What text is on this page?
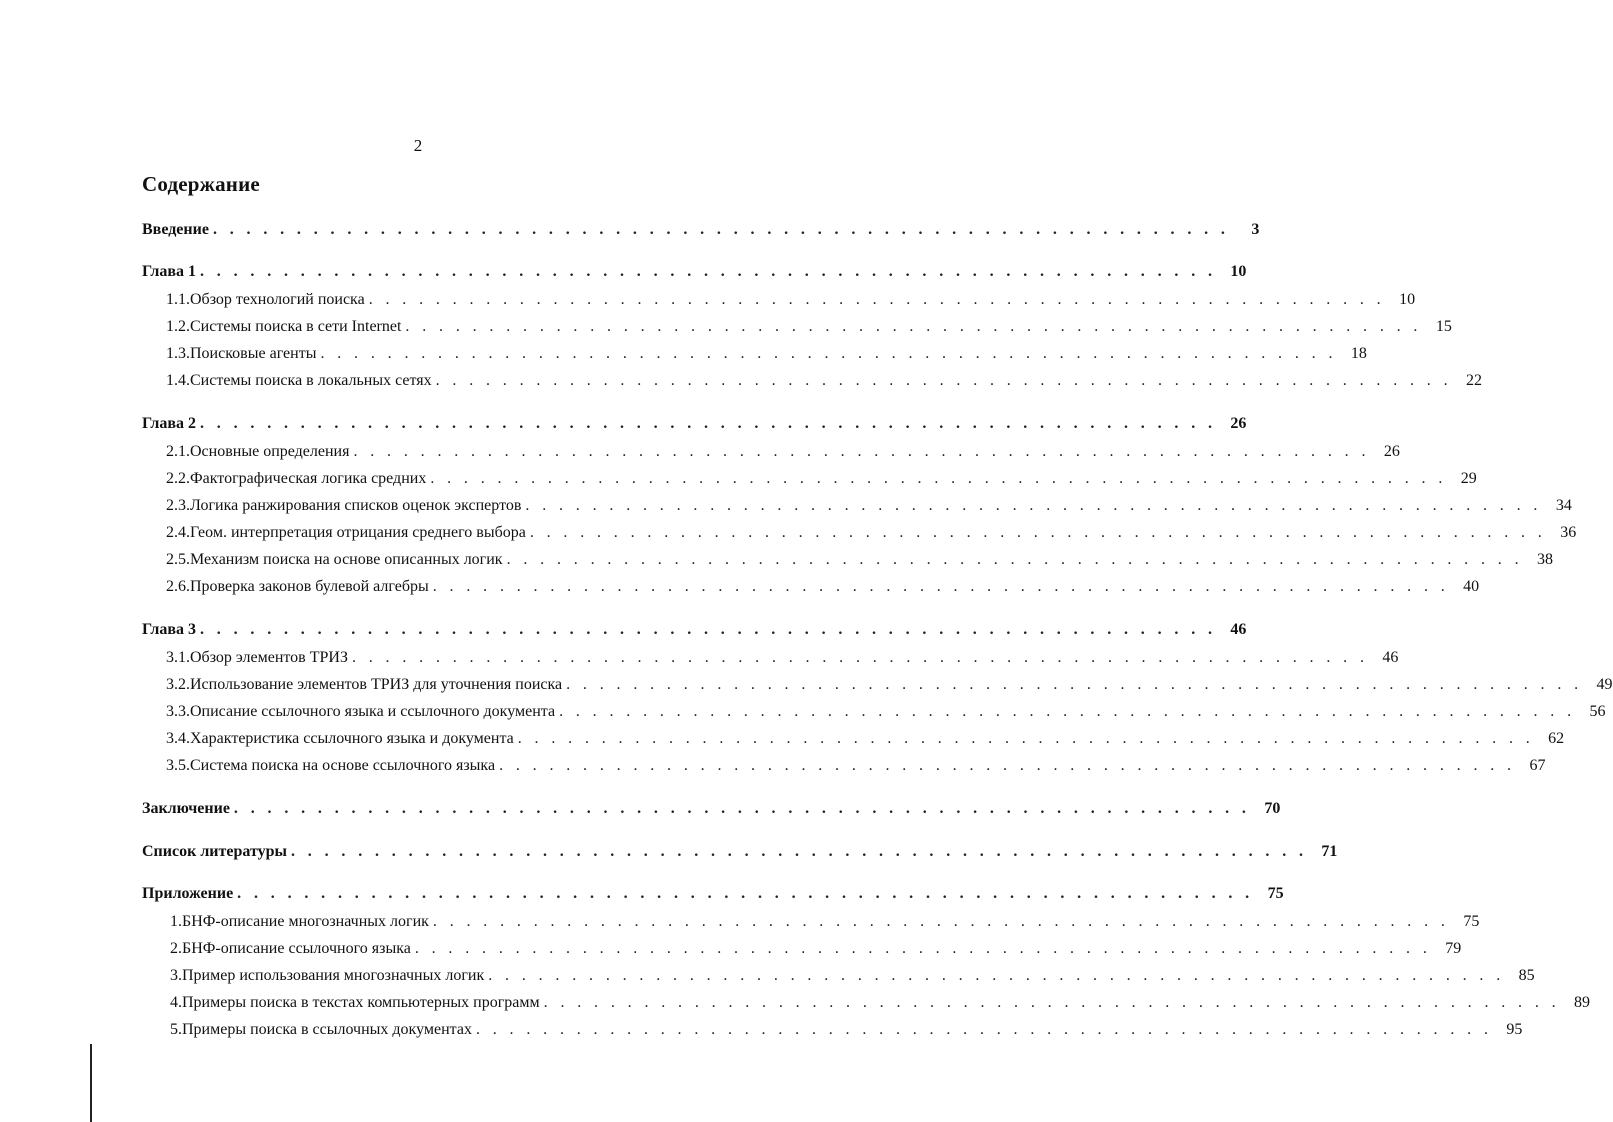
2
Содержание
Введение . . . . . . . . . . . . . . . . . . . . . . . . . . . . . . . . . . . . . . . . . . . . . . . . . . . . . . . . . . . . .	3
Глава 1 . . . . . . . . . . . . . . . . . . . . . . . . . . . . . . . . . . . . . . . . . . . . . . . . . . . . . . . . . . . . . 10
1.1. Обзор технологий поиска . . . . . . . . . . . . . . . . . . . . . . . . . . . . . . . . . . . . . . . . . . . . . . . . . . . . . . . . . . . . . 10
1.2. Системы поиска в сети Internet . . . . . . . . . . . . . . . . . . . . . . . . . . . . . . . . . . . . . . . . . . . . . . . . . . . . . . . . . . . . . 15
1.3. Поисковые агенты . . . . . . . . . . . . . . . . . . . . . . . . . . . . . . . . . . . . . . . . . . . . . . . . . . . . . . . . . . . . . 18
1.4. Системы поиска в локальных сетях . . . . . . . . . . . . . . . . . . . . . . . . . . . . . . . . . . . . . . . . . . . . . . . . . . . . . . . . . . . . . 22
Глава 2 . . . . . . . . . . . . . . . . . . . . . . . . . . . . . . . . . . . . . . . . . . . . . . . . . . . . . . . . . . . . . 26
2.1. Основные определения . . . . . . . . . . . . . . . . . . . . . . . . . . . . . . . . . . . . . . . . . . . . . . . . . . . . . . . . . . . . . 26
2.2. Фактографическая логика средних . . . . . . . . . . . . . . . . . . . . . . . . . . . . . . . . . . . . . . . . . . . . . . . . . . . . . . . . . . . . . 29
2.3. Логика ранжирования списков оценок экспертов . . . . . . . . . . . . . . . . . . . . . . . . . . . . . . . . . . . . . . . . . . . . . . . . . . . . . . . . . . . . . 34
2.4. Геом. интерпретация отрицания среднего выбора . . . . . . . . . . . . . . . . . . . . . . . . . . . . . . . . . . . . . . . . . . . . . . . . . . . . . . . . . . . . . 36
2.5. Механизм поиска на основе описанных логик . . . . . . . . . . . . . . . . . . . . . . . . . . . . . . . . . . . . . . . . . . . . . . . . . . . . . . . . . . . . . 38
2.6. Проверка законов булевой алгебры . . . . . . . . . . . . . . . . . . . . . . . . . . . . . . . . . . . . . . . . . . . . . . . . . . . . . . . . . . . . . 40
Глава 3 . . . . . . . . . . . . . . . . . . . . . . . . . . . . . . . . . . . . . . . . . . . . . . . . . . . . . . . . . . . . . 46
3.1. Обзор элементов ТРИЗ . . . . . . . . . . . . . . . . . . . . . . . . . . . . . . . . . . . . . . . . . . . . . . . . . . . . . . . . . . . . . 46
3.2. Использование элементов ТРИЗ для уточнения поиска . . . . . . . . . . . . . . . . . . . . . . . . . . . . . . . . . . . . . . . . . . . . . . . . . . . . . . . . . . . . . 49
3.3. Описание ссылочного языка и ссылочного документа . . . . . . . . . . . . . . . . . . . . . . . . . . . . . . . . . . . . . . . . . . . . . . . . . . . . . . . . . . . . . 56
3.4. Характеристика ссылочного языка и документа . . . . . . . . . . . . . . . . . . . . . . . . . . . . . . . . . . . . . . . . . . . . . . . . . . . . . . . . . . . . . 62
3.5. Система поиска на основе ссылочного языка . . . . . . . . . . . . . . . . . . . . . . . . . . . . . . . . . . . . . . . . . . . . . . . . . . . . . . . . . . . . . 67
Заключение . . . . . . . . . . . . . . . . . . . . . . . . . . . . . . . . . . . . . . . . . . . . . . . . . . . . . . . . . . . . . 70
Список литературы . . . . . . . . . . . . . . . . . . . . . . . . . . . . . . . . . . . . . . . . . . . . . . . . . . . . . . . . . . . . . 71
Приложение . . . . . . . . . . . . . . . . . . . . . . . . . . . . . . . . . . . . . . . . . . . . . . . . . . . . . . . . . . . . . 75
1. БНФ-описание многозначных логик . . . . . . . . . . . . . . . . . . . . . . . . . . . . . . . . . . . . . . . . . . . . . . . . . . . . . . . . . . . . . 75
2. БНФ-описание ссылочного языка . . . . . . . . . . . . . . . . . . . . . . . . . . . . . . . . . . . . . . . . . . . . . . . . . . . . . . . . . . . . . 79
3. Пример использования многозначных логик . . . . . . . . . . . . . . . . . . . . . . . . . . . . . . . . . . . . . . . . . . . . . . . . . . . . . . . . . . . . . 85
4. Примеры поиска в текстах компьютерных программ . . . . . . . . . . . . . . . . . . . . . . . . . . . . . . . . . . . . . . . . . . . . . . . . . . . . . . . . . . . . . 89
5. Примеры поиска в ссылочных документах . . . . . . . . . . . . . . . . . . . . . . . . . . . . . . . . . . . . . . . . . . . . . . . . . . . . . . . . . . . . . 95
